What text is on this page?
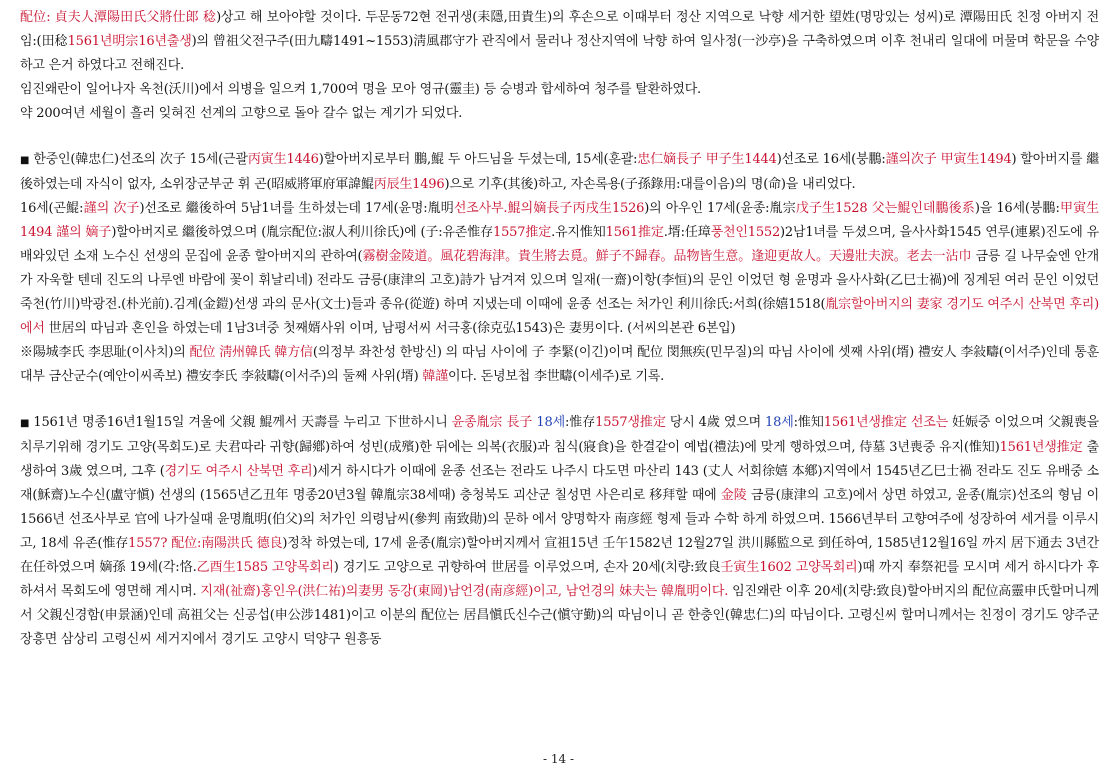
配位: 貞夫人潭陽田氏父將仕郎 稔)상고 해 보아야할 것이다. 두문동72현 전귀생(耒隱,田貴生)의 후손으로 이때부터 정산 지역으로 낙향 세거한 望姓(명망있는 성씨)로 潭陽田氏 친정 아버지 전임:(田稔1561년明宗16년출생)의 曾祖父전구주(田九疇1491~1553)淸風郡守가 관직에서 물러나 정산지역에 낙향 하여 일사정(一沙亭)을 구축하였으며 이후 천내리 일대에 머물며 학문을 수양하고 은거 하였다고 전해진다.

임진왜란이 일어나자 옥천(沃川)에서 의병을 일으켜 1,700여 명을 모아 영규(靈圭) 등 승병과 합세하여 청주를 탈환하였다.

약 200여년 세월이 흘러 잊혀진 선계의 고향으로 돌아 갈수 없는 계기가 되었다.

■ 한중인(韓忠仁)선조의 次子 15세(근괄丙寅生1446)할아버지로부터 鵬,鯤 두 아드님을 두셨는데, 15세(훈괄:忠仁嫡長子 甲子生1444)선조로 16세(붕鵬:謹의次子 甲寅生1494) 할아버지를 繼後하였는데 자식이 없자, 소위장군부군 휘 곤(昭威將軍府軍諱鯤丙辰生1496)으로 기후(其後)하고, 자손록용(子孫錄用:대를이음)의 명(命)을 내리었다.

16세(곤鯤:謹의 次子)선조로 繼後하여 5남1녀를 生하셨는데 17세(윤명:胤明선조사부.鯤의嫡長子丙戌生1526)의 아우인 17세(윤종:胤宗戊子生1528 父는鯤인데鵬後系)을 16세(붕鵬:甲寅生1494 謹의 嫡子)할아버지로 繼後하였으며 (胤宗配位:淑人利川徐氏)에 (子:유존惟存1557推定.유지惟知1561推定.壻:任璋풍천인1552)2남1녀를 두셨으며, 을사사화1545 연루(連累)진도에 유배와있던 소재 노수신 선생의 문집에 윤종 할아버지의 관하여(霧樹金陵道。風花碧海津。貴生將去覓。鮮子不歸春。品物皆生意。逢迎更故人。天邊壯夫淚。老去一沾巾 금릉 길 나무숲엔 안개가 자욱할 텐데 진도의 나루엔 바람에 꽃이 휘날리네) 전라도 금릉(康津의 고호)詩가 남겨져 있으며 일재(一齋)이항(李恒)의 문인 이었던 형 윤명과 을사사화(乙巳士禍)에 징계된 여러 문인 이었던 죽천(竹川)박광전.(朴光前).김계(金鎧)선생 과의 문사(文士)들과 종유(從遊) 하며 지냈는데 이때에 윤종 선조는 처가인 利川徐氏:서희(徐嬉1518(胤宗할아버지의 妻家 경기도 여주시 산북면 후리)에서 世居의 따님과 혼인을 하였는데 1남3녀중 첫째婿사위 이며, 남평서씨 서극홍(徐克弘1543)은 妻男이다. (서씨의본관 6본입)

※陽城李氏 李思耻(이사치)의 配位 淸州韓氏 韓方信(의정부 좌찬성 한방신) 의 따님 사이에 子 李緊(이긴)이며 配位 閔無疾(민무질)의 따님 사이에 셋째 사위(壻) 禮安人 李敍疇(이서주)인데 통훈대부 금산군수(예안이씨족보) 禮安李氏 李敍疇(이서주)의 둘째 사위(壻) 韓謹이다. 돈녕보첩 李世疇(이세주)로 기록.

■ 1561년 명종16년1월15일 겨울에 父親 鯤께서 天壽를 누리고 下世하시니 윤종胤宗 長子 18세:惟存1557생推定 당시 4歲 였으며 18세:惟知1561년생推定 선조는 妊娠중 이었으며 父親喪을 치루기위해 경기도 고양(목회도)로 夫君따라 귀향(歸鄕)하여 성빈(成殯)한 뒤에는 의복(衣服)과 침식(寢食)을 한결같이 예법(禮法)에 맞게 행하였으며, 侍墓 3년喪중 유지(惟知)1561년생推定 출생하여 3歲 였으며, 그후 (경기도 여주시 산북면 후리)세거 하시다가 이때에 윤종 선조는 전라도 나주시 다도면 마산리 143 (丈人 서회徐嬉 本鄕)지역에서 1545년乙巳士禍 전라도 진도 유배중 소재(穌齋)노수신(盧守愼) 선생의 (1565년乙丑年 명종20년3월 韓胤宗38세때) 충청북도 괴산군 칠성면 사은리로 移拜할 때에 金陵 금릉(康津의 고호)에서 상면 하였고, 윤종(胤宗)선조의 형님 이 1566년 선조사부로 官에 나가실때 윤명胤明(伯父)의 처가인 의령남씨(參判 南致勛)의 문하 에서 양명학자 南彦經 형제 들과 수학 하게 하였으며. 1566년부터 고향여주에 성장하여 세거를 이루시고, 18세 유존(惟存1557? 配位:南陽洪氏 德良)정착 하였는데, 17세 윤종(胤宗)할아버지께서 宣祖15년 壬午1582년 12월27일 洪川縣監으로 到任하여, 1585년12월16일 까지 居下通去 3년간 在任하였으며 嫡孫 19세(각:恪.乙酉生1585 고양목회리) 경기도 고양으로 귀향하여 世居를 이루었으며, 손자 20세(치량:致良壬寅生1602 고양목회리)때 까지 奉祭祀를 모시며 세거 하시다가 후 하셔서 목회도에 영면해 계시며. 지재(祉齋)홍인우(洪仁祐)의妻男 동강(東岡)남언경(南彦經)이고, 남언경의 妹夫는 韓胤明이다. 임진왜란 이후 20세(치량:致良)할아버지의 配位高靈申氏할머니께서 父親신경함(申景涵)인데 高祖父는 신공섭(申公涉1481)이고 이분의 配位는 居昌愼氏신수근(愼守勤)의 따님이니 곧 한충인(韓忠仁)의 따님이다. 고령신씨 할머니께서는 친정이 경기도 양주군 장흥면 삼상리 고령신씨 세거지에서 경기도 고양시 덕양구 원흥동

- 14 -
